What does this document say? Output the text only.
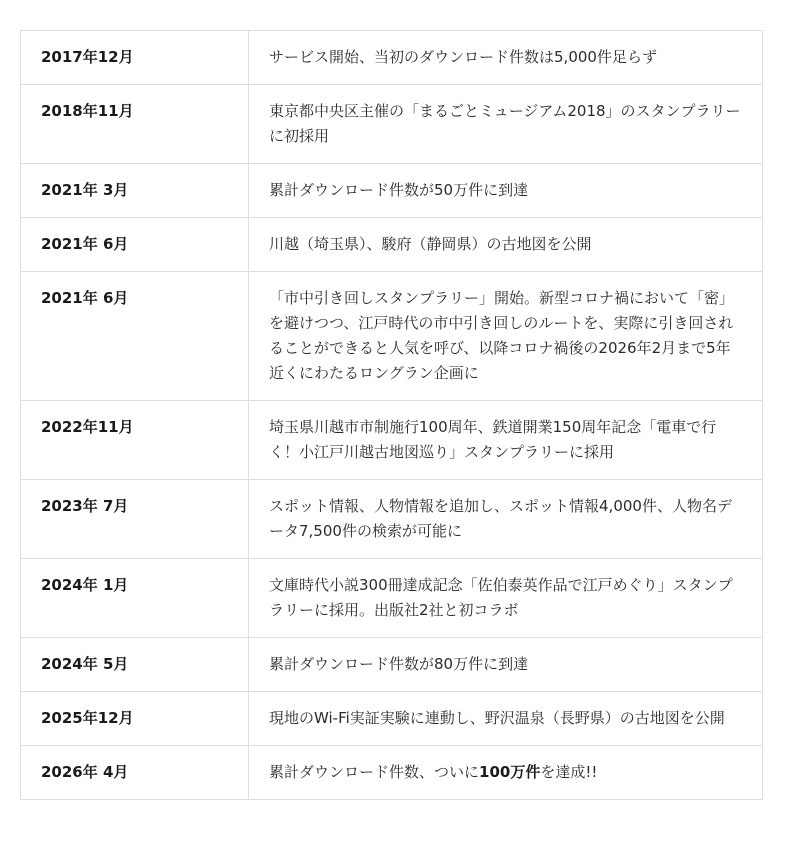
2017年12月	サービス開始、当初のダウンロード件数は5,000件足らず
2018年11月	東京都中央区主催の「まるごとミュージアム2018」のスタンプラリーに初採用
2021年 3月	累計ダウンロード件数が50万件に到達
2021年 6月	川越（埼玉県）、駿府（静岡県）の古地図を公開
2021年 6月	「市中引き回しスタンプラリー」開始。新型コロナ禍において「密」を避けつつ、江戸時代の市中引き回しのルートを、実際に引き回されることができると人気を呼び、以降コロナ禍後の2026年2月まで5年近くにわたるロングラン企画に
2022年11月	埼玉県川越市市制施行100周年、鉄道開業150周年記念「電車で行く！小江戸川越古地図巡り」スタンプラリーに採用
2023年 7月	スポット情報、人物情報を追加し、スポット情報4,000件、人物名データ7,500件の検索が可能に
2024年 1月	文庫時代小説300冊達成記念「佐伯泰英作品で江戸めぐり」スタンプラリーに採用。出版社2社と初コラボ
2024年 5月	累計ダウンロード件数が80万件に到達
2025年12月	現地のWi-Fi実証実験に連動し、野沢温泉（長野県）の古地図を公開
2026年 4月	累計ダウンロード件数、ついに100万件を達成!!
